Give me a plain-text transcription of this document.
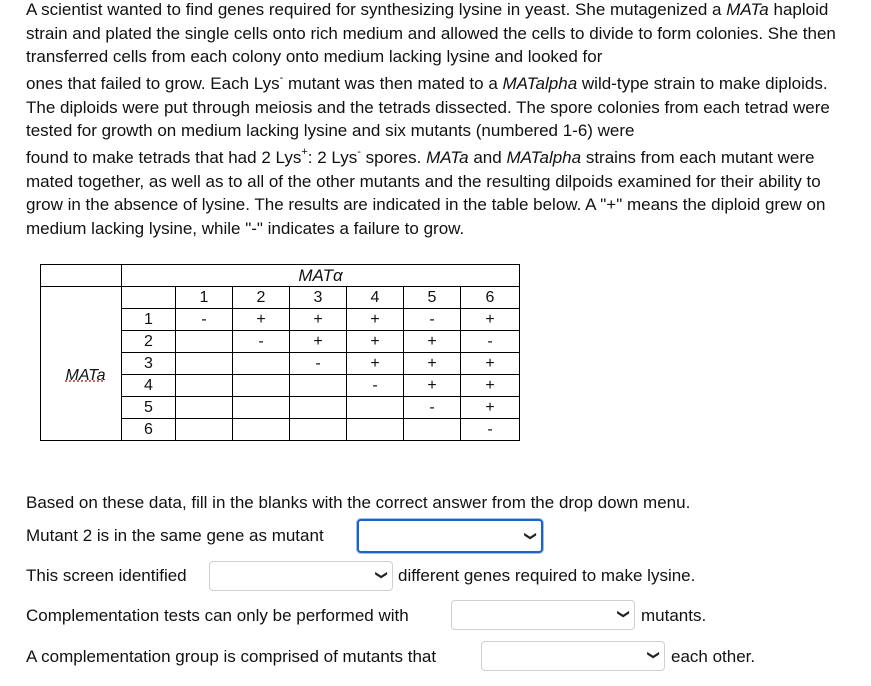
A scientist wanted to find genes required for synthesizing lysine in yeast. She mutagenized a MATa haploid strain and plated the single cells onto rich medium and allowed the cells to divide to form colonies. She then transferred cells from each colony onto medium lacking lysine and looked for

ones that failed to grow. Each Lys- mutant was then mated to a MATalpha wild-type strain to make diploids. The diploids were put through meiosis and the tetrads dissected. The spore colonies from each tetrad were tested for growth on medium lacking lysine and six mutants (numbered 1-6) were

found to make tetrads that had 2 Lys+: 2 Lys- spores. MATa and MATalpha strains from each mutant were mated together, as well as to all of the other mutants and the resulting dilpoids examined for their ability to grow in the absence of lysine. The results are indicated in the table below. A "+" means the diploid grew on medium lacking lysine, while "-" indicates a failure to grow.

	MATα						
MATa		1	2	3	4	5	6
	1	-	+	+	+	-	+
	2		-	+	+	+	-
	3			-	+	+	+
	4				-	+	+
	5					-	+
	6						-
Based on these data, fill in the blanks with the correct answer from the drop down menu.
Mutant 2 is in the same gene as mutant	❯
This screen identified	❯ different genes required to make lysine.
Complementation tests can only be performed with	❯ mutants.
A complementation group is comprised of mutants that	❯ each other.
